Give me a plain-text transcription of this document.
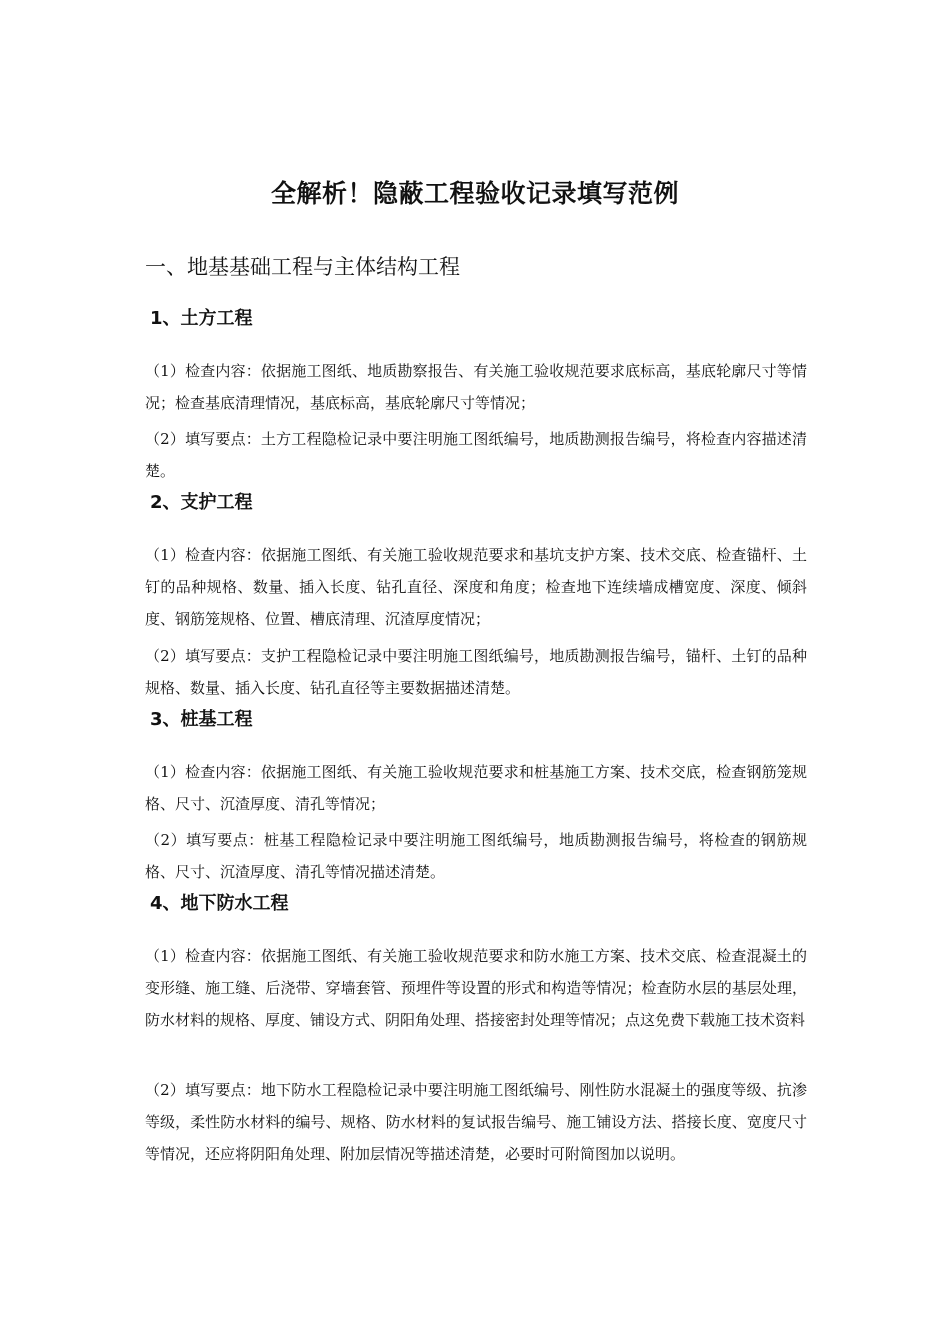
全解析！隐蔽工程验收记录填写范例
一、地基基础工程与主体结构工程
1、土方工程

（1）检查内容：依据施工图纸、地质勘察报告、有关施工验收规范要求底标高，基底轮廓尺寸等情况；检查基底清理情况，基底标高，基底轮廓尺寸等情况；

（2）填写要点：土方工程隐检记录中要注明施工图纸编号，地质勘测报告编号，将检查内容描述清楚。

2、支护工程

（1）检查内容：依据施工图纸、有关施工验收规范要求和基坑支护方案、技术交底、检查锚杆、土钉的品种规格、数量、插入长度、钻孔直径、深度和角度；检查地下连续墙成槽宽度、深度、倾斜度、钢筋笼规格、位置、槽底清理、沉渣厚度情况；

（2）填写要点：支护工程隐检记录中要注明施工图纸编号，地质勘测报告编号，锚杆、土钉的品种规格、数量、插入长度、钻孔直径等主要数据描述清楚。

3、桩基工程

（1）检查内容：依据施工图纸、有关施工验收规范要求和桩基施工方案、技术交底，检查钢筋笼规格、尺寸、沉渣厚度、清孔等情况；

（2）填写要点：桩基工程隐检记录中要注明施工图纸编号，地质勘测报告编号，将检查的钢筋规格、尺寸、沉渣厚度、清孔等情况描述清楚。

4、地下防水工程

（1）检查内容：依据施工图纸、有关施工验收规范要求和防水施工方案、技术交底、检查混凝土的变形缝、施工缝、后浇带、穿墙套管、预埋件等设置的形式和构造等情况；检查防水层的基层处理，防水材料的规格、厚度、铺设方式、阴阳角处理、搭接密封处理等情况；点这免费下载施工技术资料

（2）填写要点：地下防水工程隐检记录中要注明施工图纸编号、刚性防水混凝土的强度等级、抗渗等级，柔性防水材料的编号、规格、防水材料的复试报告编号、施工铺设方法、搭接长度、宽度尺寸等情况，还应将阴阳角处理、附加层情况等描述清楚，必要时可附简图加以说明。
